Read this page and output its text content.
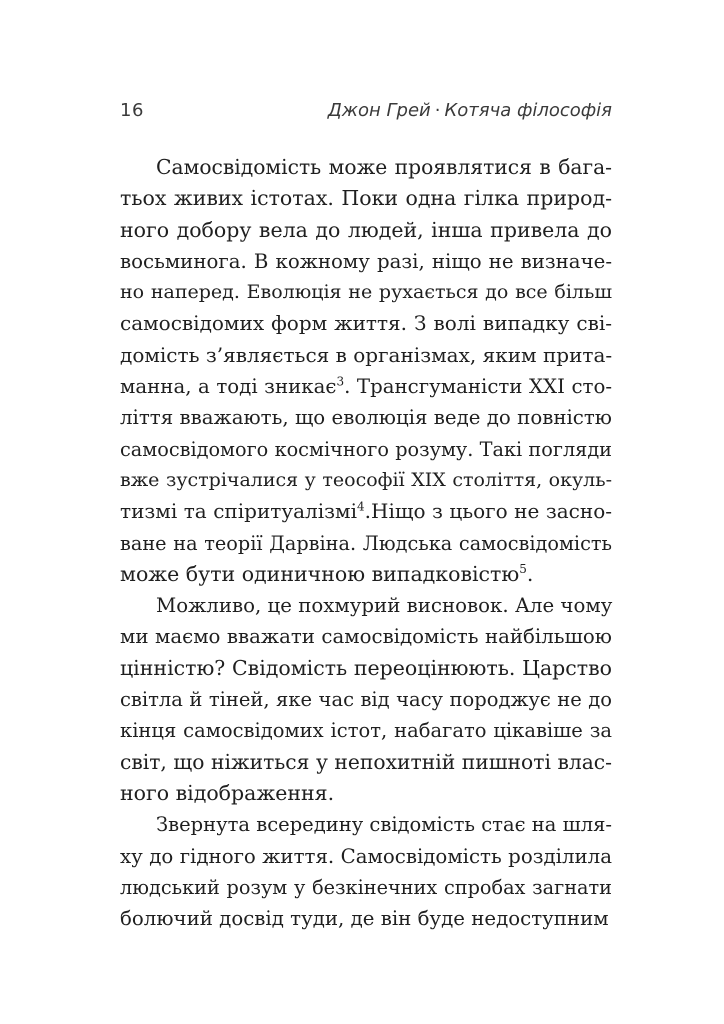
16	Джон Грей · Котяча філософія
Самосвідомість може проявлятися в бага-
тьох живих істотах. Поки одна гілка природ-
ного добору вела до людей, інша привела до
восьминога. В кожному разі, ніщо не визначе-
но наперед. Еволюція не рухається до все більш
самосвідомих форм життя. З волі випадку сві-
домість з’являється в організмах, яким прита-
манна, а тоді зникає$^3$. Трансгуманісти XXI сто-
ліття вважають, що еволюція веде до повністю
самосвідомого космічного розуму. Такі погляди
вже зустрічалися у теософії XIX століття, окуль-
тизмі та спіритуалізмі$^4$.Ніщо з цього не засно-
ване на теорії Дарвіна. Людська самосвідомість
може бути одиничною випадковістю$^5$.
Можливо, це похмурий висновок. Але чому
ми маємо вважати самосвідомість найбільшою
цінністю? Свідомість переоцінюють. Царство
світла й тіней, яке час від часу породжує не до
кінця самосвідомих істот, набагато цікавіше за
світ, що ніжиться у непохитній пишноті влас-
ного відображення.
Звернута всередину свідомість стає на шля-
ху до гідного життя. Самосвідомість розділила
людський розум у безкінечних спробах загнати
болючий досвід туди, де він буде недоступним
